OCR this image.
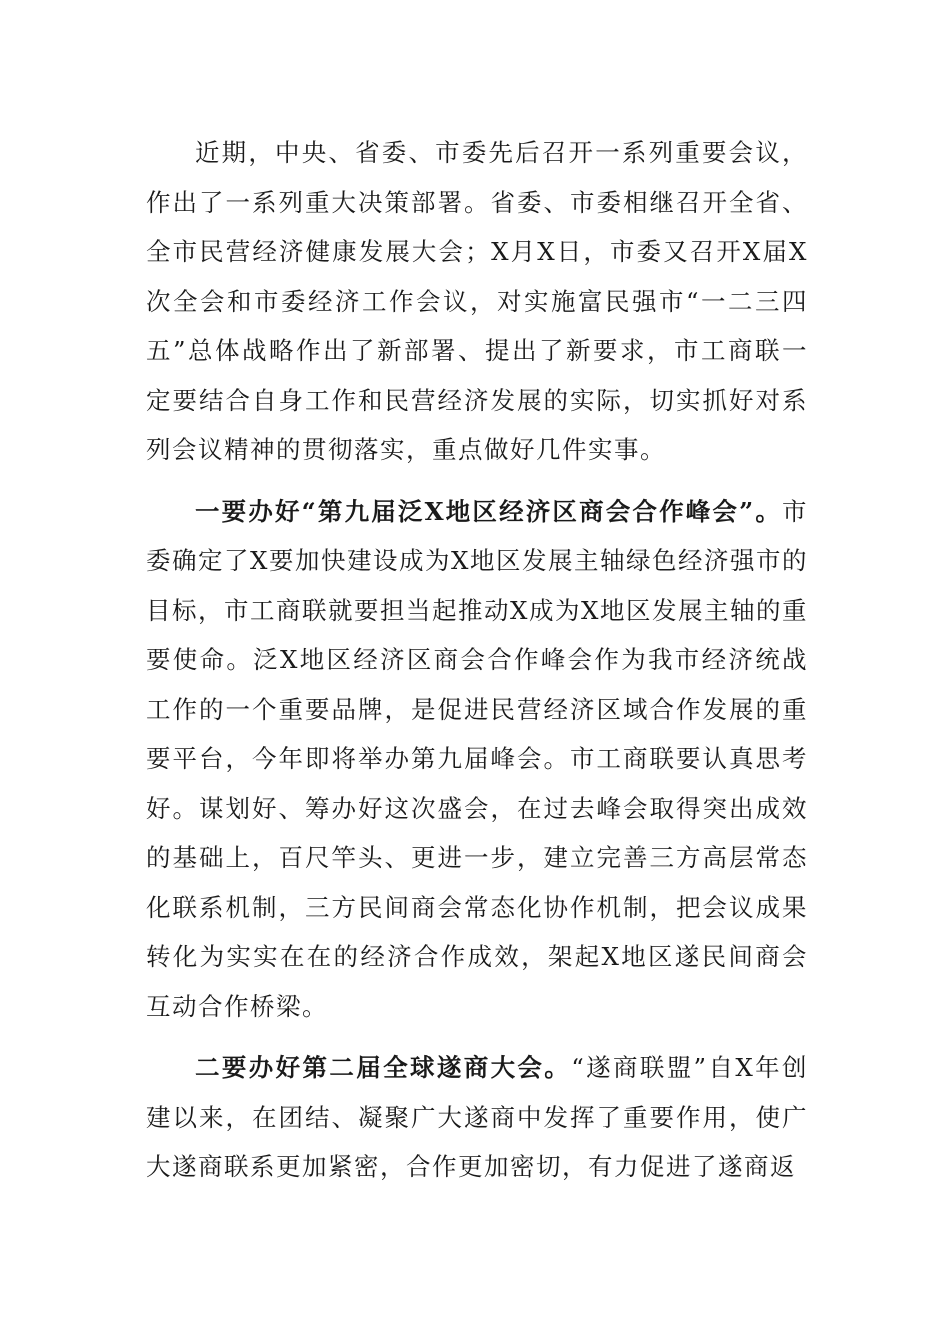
近期，中央、省委、市委先后召开一系列重要会议，作出了一系列重大决策部署。省委、市委相继召开全省、全市民营经济健康发展大会；X月X日，市委又召开X届X次全会和市委经济工作会议，对实施富民强市“一二三四五”总体战略作出了新部署、提出了新要求，市工商联一定要结合自身工作和民营经济发展的实际，切实抓好对系列会议精神的贯彻落实，重点做好几件实事。

一要办好“第九届泛X地区经济区商会合作峰会”。市委确定了X要加快建设成为X地区发展主轴绿色经济强市的目标，市工商联就要担当起推动X成为X地区发展主轴的重要使命。泛X地区经济区商会合作峰会作为我市经济统战工作的一个重要品牌，是促进民营经济区域合作发展的重要平台，今年即将举办第九届峰会。市工商联要认真思考好。谋划好、筹办好这次盛会，在过去峰会取得突出成效的基础上，百尺竿头、更进一步，建立完善三方高层常态化联系机制，三方民间商会常态化协作机制，把会议成果转化为实实在在的经济合作成效，架起X地区遂民间商会互动合作桥梁。

二要办好第二届全球遂商大会。“遂商联盟”自X年创建以来，在团结、凝聚广大遂商中发挥了重要作用，使广大遂商联系更加紧密，合作更加密切，有力促进了遂商返
